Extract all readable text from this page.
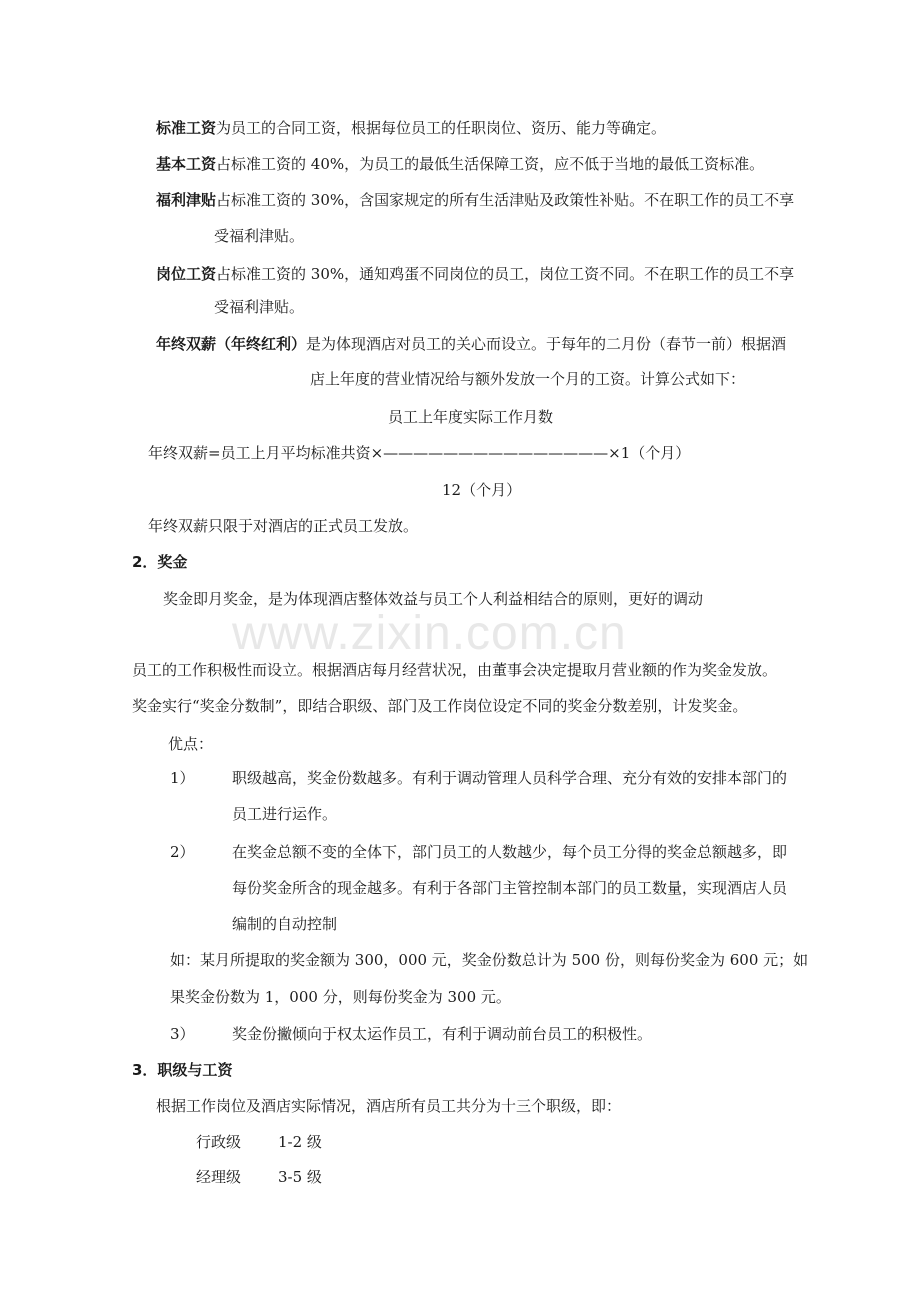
www.zixin.com.cn
标准工资为员工的合同工资，根据每位员工的任职岗位、资历、能力等确定。
基本工资占标准工资的 40%，为员工的最低生活保障工资，应不低于当地的最低工资标准。
福利津贴占标准工资的 30%，含国家规定的所有生活津贴及政策性补贴。不在职工作的员工不享
受福利津贴。
岗位工资占标准工资的 30%，通知鸡蛋不同岗位的员工，岗位工资不同。不在职工作的员工不享
受福利津贴。
年终双薪（年终红利）是为体现酒店对员工的关心而设立。于每年的二月份（春节一前）根据酒
店上年度的营业情况给与额外发放一个月的工资。计算公式如下：
员工上年度实际工作月数
年终双薪=员工上月平均标准共资×———————————————×1（个月）
12（个月）
年终双薪只限于对酒店的正式员工发放。
2．奖金
奖金即月奖金，是为体现酒店整体效益与员工个人利益相结合的原则，更好的调动
员工的工作积极性而设立。根据酒店每月经营状况，由董事会决定提取月营业额的作为奖金发放。
奖金实行“奖金分数制”，即结合职级、部门及工作岗位设定不同的奖金分数差别，计发奖金。
优点：
1） 职级越高，奖金份数越多。有利于调动管理人员科学合理、充分有效的安排本部门的
员工进行运作。
2） 在奖金总额不变的全体下，部门员工的人数越少，每个员工分得的奖金总额越多，即
每份奖金所含的现金越多。有利于各部门主管控制本部门的员工数量，实现酒店人员
编制的自动控制
如：某月所提取的奖金额为 300，000 元，奖金份数总计为 500 份，则每份奖金为 600 元；如
果奖金份数为 1，000 分，则每份奖金为 300 元。
3） 奖金份撇倾向于权太运作员工，有利于调动前台员工的积极性。
3．职级与工资
根据工作岗位及酒店实际情况，酒店所有员工共分为十三个职级，即：
行政级 1-2 级
经理级 3-5 级
